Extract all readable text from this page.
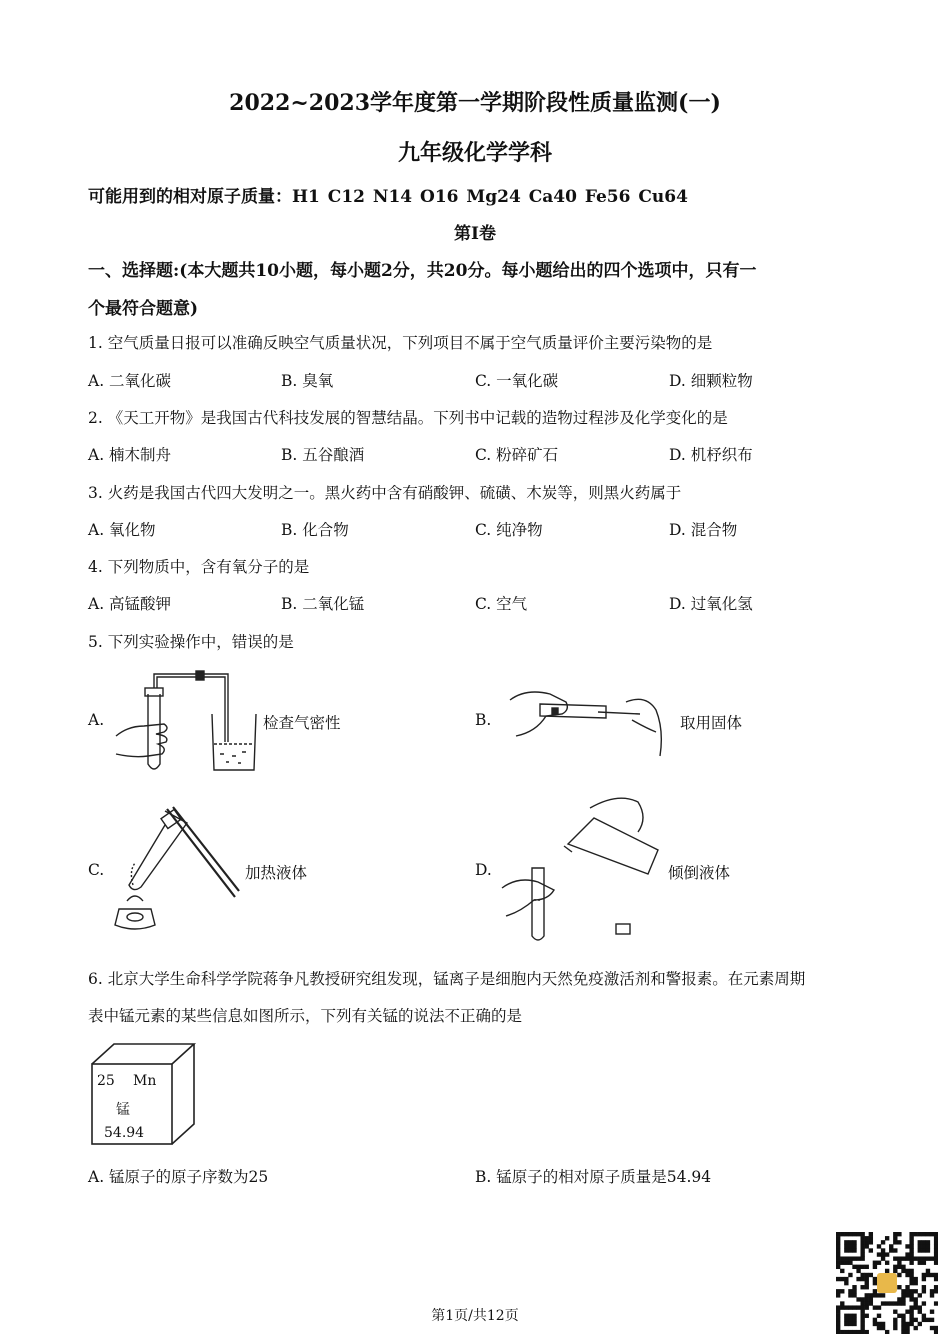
2022~2023学年度第一学期阶段性质量监测(一)
九年级化学学科
可能用到的相对原子质量：H1 C12 N14 O16 Mg24 Ca40 Fe56 Cu64
第I卷
一、选择题:(本大题共10小题，每小题2分，共20分。每小题给出的四个选项中，只有一
个最符合题意)
1. 空气质量日报可以准确反映空气质量状况，下列项目不属于空气质量评价主要污染物的是
A. 二氧化碳	B. 臭氧	C. 一氧化碳	D. 细颗粒物
2. 《天工开物》是我国古代科技发展的智慧结晶。下列书中记载的造物过程涉及化学变化的是
A. 楠木制舟	B. 五谷酿酒	C. 粉碎矿石	D. 机杼织布
3. 火药是我国古代四大发明之一。黑火药中含有硝酸钾、硫磺、木炭等，则黑火药属于
A. 氧化物	B. 化合物	C. 纯净物	D. 混合物
4. 下列物质中，含有氧分子的是
A. 高锰酸钾	B. 二氧化锰	C. 空气	D. 过氧化氢
5. 下列实验操作中，错误的是
A.	检查气密性	B.	取用固体
C.	加热液体	D.	倾倒液体
6. 北京大学生命科学学院蒋争凡教授研究组发现，锰离子是细胞内天然免疫激活剂和警报素。在元素周期
表中锰元素的某些信息如图所示，下列有关锰的说法不正确的是
25 Mn
锰
54.94
A. 锰原子的原子序数为25	B. 锰原子的相对原子质量是54.94
第1页/共12页
